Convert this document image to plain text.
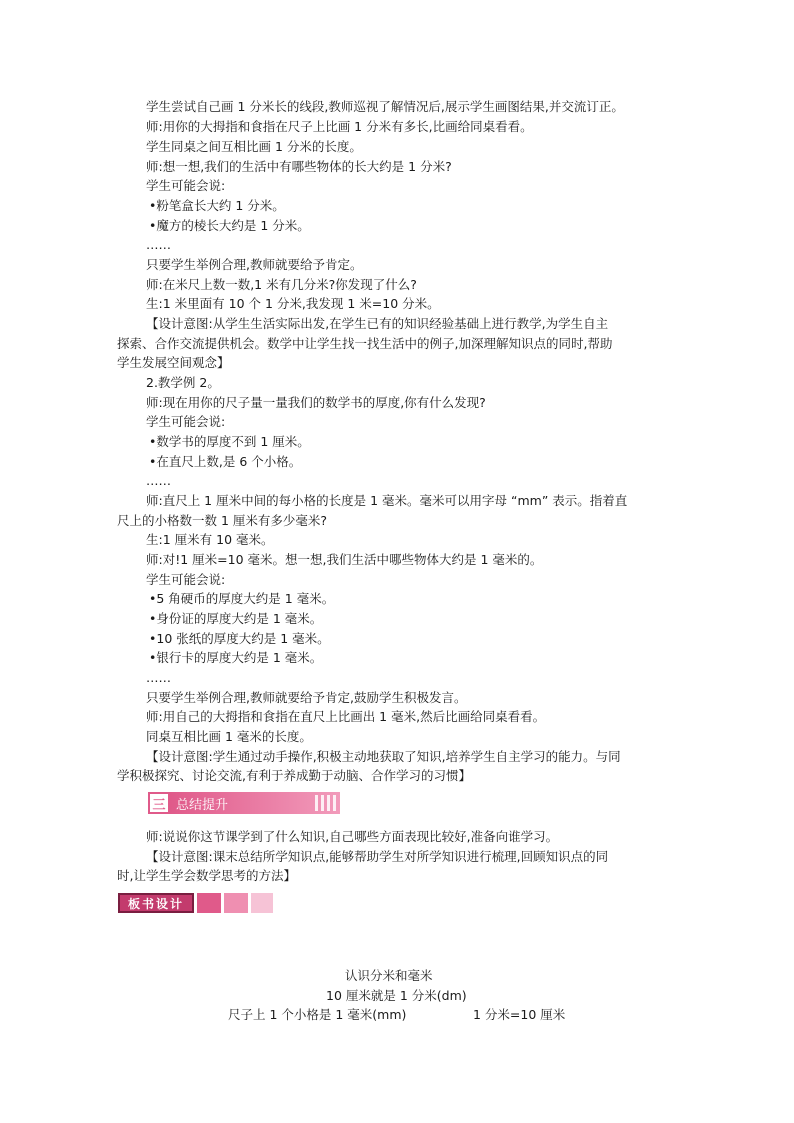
学生尝试自己画 1 分米长的线段,教师巡视了解情况后,展示学生画图结果,并交流订正。
师:用你的大拇指和食指在尺子上比画 1 分米有多长,比画给同桌看看。
学生同桌之间互相比画 1 分米的长度。
师:想一想,我们的生活中有哪些物体的长大约是 1 分米?
学生可能会说:
•粉笔盒长大约 1 分米。
•魔方的棱长大约是 1 分米。
……
只要学生举例合理,教师就要给予肯定。
师:在米尺上数一数,1 米有几分米?你发现了什么?
生:1 米里面有 10 个 1 分米,我发现 1 米=10 分米。
【设计意图:从学生生活实际出发,在学生已有的知识经验基础上进行教学,为学生自主
探索、合作交流提供机会。数学中让学生找一找生活中的例子,加深理解知识点的同时,帮助
学生发展空间观念】
2.教学例 2。
师:现在用你的尺子量一量我们的数学书的厚度,你有什么发现?
学生可能会说:
•数学书的厚度不到 1 厘米。
•在直尺上数,是 6 个小格。
……
师:直尺上 1 厘米中间的每小格的长度是 1 毫米。毫米可以用字母 “mm” 表示。指着直
尺上的小格数一数 1 厘米有多少毫米?
生:1 厘米有 10 毫米。
师:对!1 厘米=10 毫米。想一想,我们生活中哪些物体大约是 1 毫米的。
学生可能会说:
•5 角硬币的厚度大约是 1 毫米。
•身份证的厚度大约是 1 毫米。
•10 张纸的厚度大约是 1 毫米。
•银行卡的厚度大约是 1 毫米。
……
只要学生举例合理,教师就要给予肯定,鼓励学生积极发言。
师:用自己的大拇指和食指在直尺上比画出 1 毫米,然后比画给同桌看看。
同桌互相比画 1 毫米的长度。
【设计意图:学生通过动手操作,积极主动地获取了知识,培养学生自主学习的能力。与同
学积极探究、讨论交流,有利于养成勤于动脑、合作学习的习惯】
三 总结提升
师:说说你这节课学到了什么知识,自己哪些方面表现比较好,准备向谁学习。
【设计意图:课末总结所学知识点,能够帮助学生对所学知识进行梳理,回顾知识点的同
时,让学生学会数学思考的方法】
板书设计
认识分米和毫米
10 厘米就是 1 分米(dm)
尺子上 1 个小格是 1 毫米(mm)	1 分米=10 厘米
